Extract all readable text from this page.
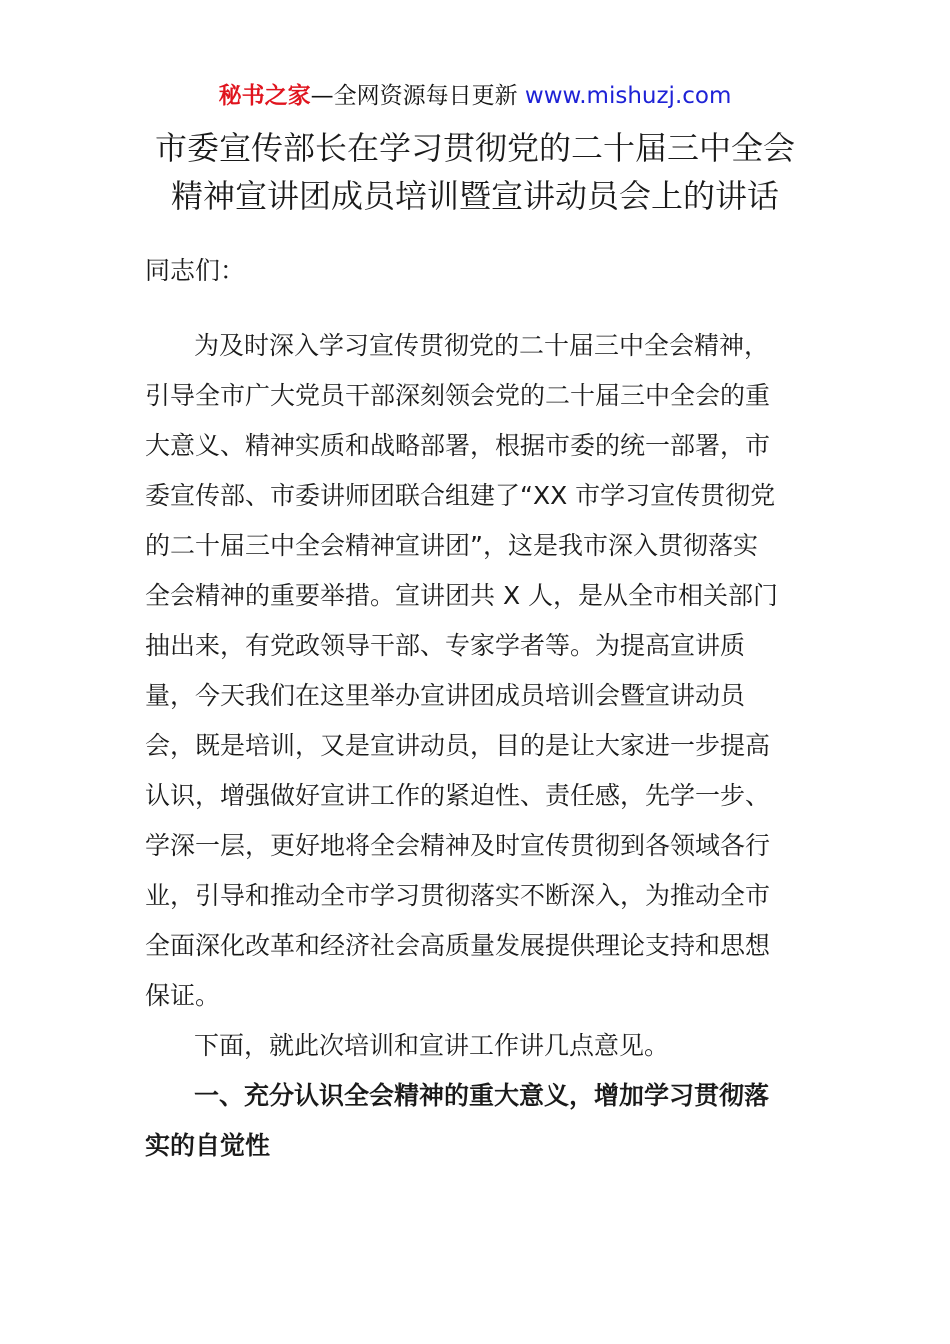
秘书之家—全网资源每日更新 www.mishuzj.com
市委宣传部长在学习贯彻党的二十届三中全会
精神宣讲团成员培训暨宣讲动员会上的讲话
同志们：
为及时深入学习宣传贯彻党的二十届三中全会精神，
引导全市广大党员干部深刻领会党的二十届三中全会的重
大意义、精神实质和战略部署，根据市委的统一部署，市
委宣传部、市委讲师团联合组建了“XX 市学习宣传贯彻党
的二十届三中全会精神宣讲团”，这是我市深入贯彻落实
全会精神的重要举措。宣讲团共 X 人，是从全市相关部门
抽出来，有党政领导干部、专家学者等。为提高宣讲质
量，今天我们在这里举办宣讲团成员培训会暨宣讲动员
会，既是培训，又是宣讲动员，目的是让大家进一步提高
认识，增强做好宣讲工作的紧迫性、责任感，先学一步、
学深一层，更好地将全会精神及时宣传贯彻到各领域各行
业，引导和推动全市学习贯彻落实不断深入，为推动全市
全面深化改革和经济社会高质量发展提供理论支持和思想
保证。
下面，就此次培训和宣讲工作讲几点意见。
一、充分认识全会精神的重大意义，增加学习贯彻落
实的自觉性
